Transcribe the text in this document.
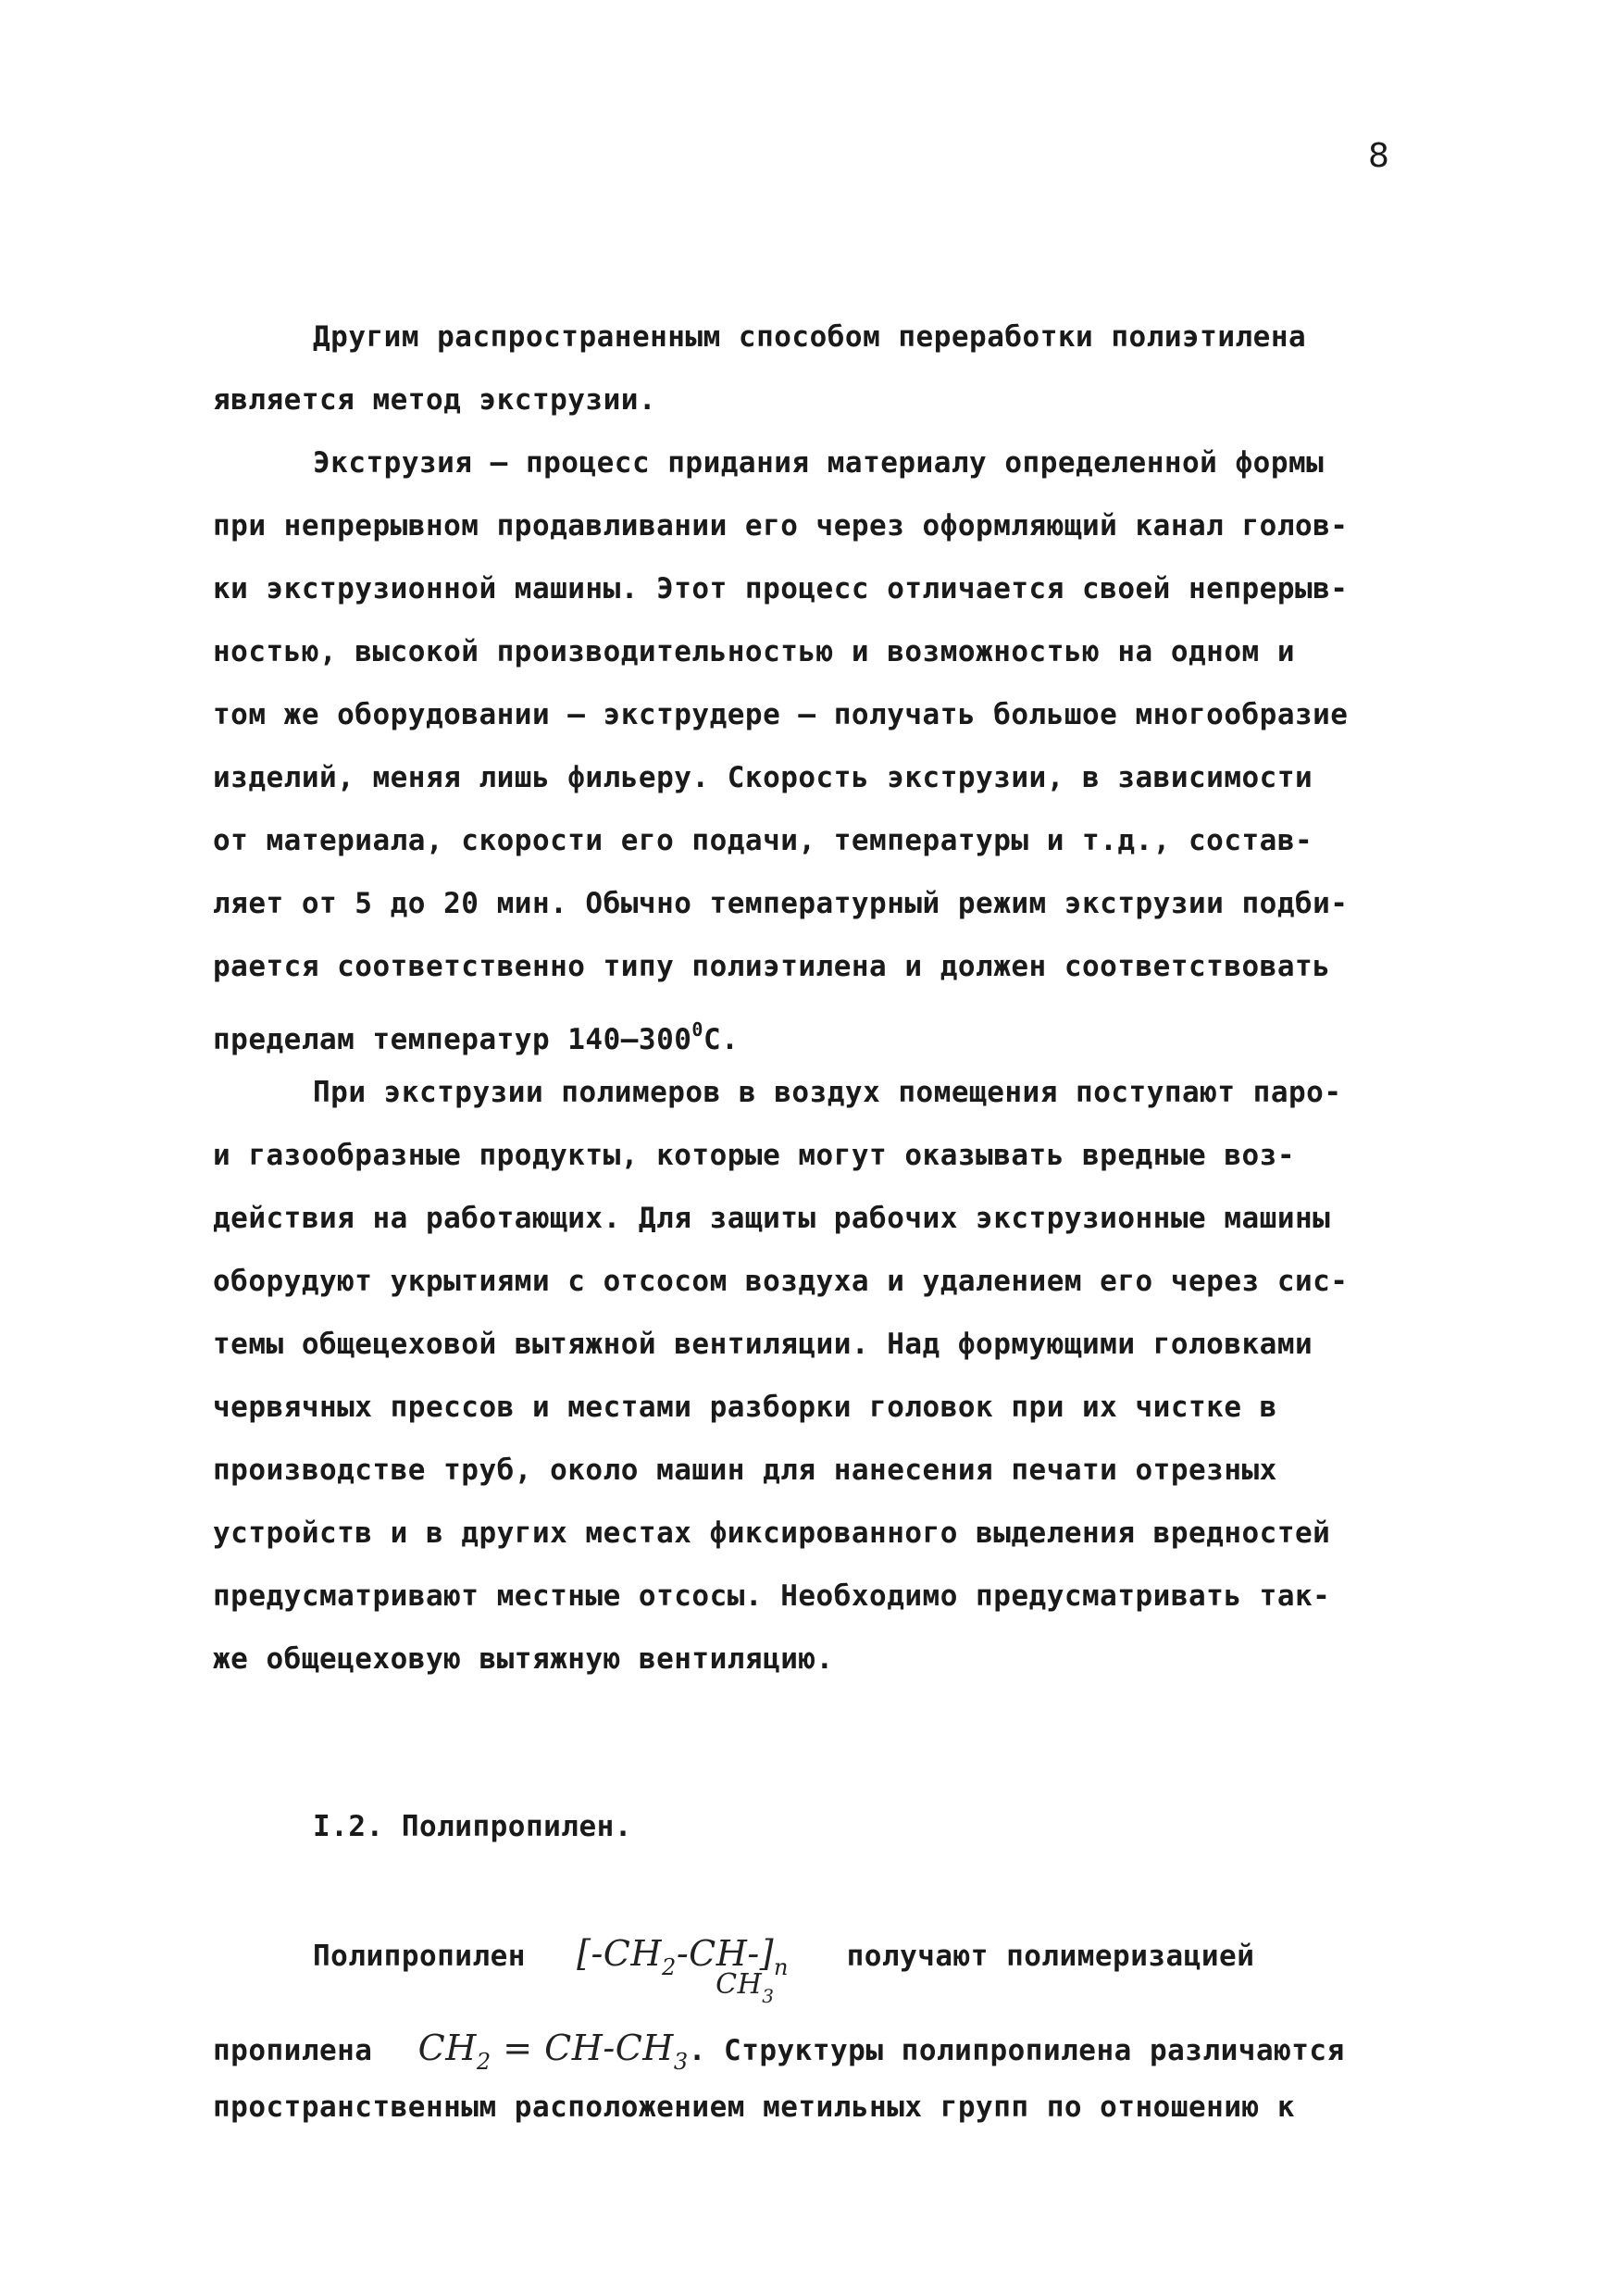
8
Другим распространенным способом переработки полиэтилена
является метод экструзии.
Экструзия – процесс придания материалу определенной формы
при непрерывном продавливании его через оформляющий канал голов-
ки экструзионной машины. Этот процесс отличается своей непрерыв-
ностью, высокой производительностью и возможностью на одном и
том же оборудовании – экструдере – получать большое многообразие
изделий, меняя лишь фильеру. Скорость экструзии, в зависимости
от материала, скорости его подачи, температуры и т.д., состав-
ляет от 5 до 20 мин. Обычно температурный режим экструзии подби-
рается соответственно типу полиэтилена и должен соответствовать
пределам температур $140-300^0С$.
При экструзии полимеров в воздух помещения поступают паро-
и газообразные продукты, которые могут оказывать вредные воз-
действия на работающих. Для защиты рабочих экструзионные машины
оборудуют укрытиями с отсосом воздуха и удалением его через сис-
темы общецеховой вытяжной вентиляции. Над формующими головками
червячных прессов и местами разборки головок при их чистке в
производстве труб, около машин для нанесения печати отрезных
устройств и в других местах фиксированного выделения вредностей
предусматривают местные отсосы. Необходимо предусматривать так-
же общецеховую вытяжную вентиляцию.
I.2. Полипропилен.
Полипропилен $[-CH_2-CH-]_n$
$CH_3$
получают полимеризацией
пропилена $CH_2 = CH-CH_3$. Структуры полипропилена различаются
пространственным расположением метильных групп по отношению к
